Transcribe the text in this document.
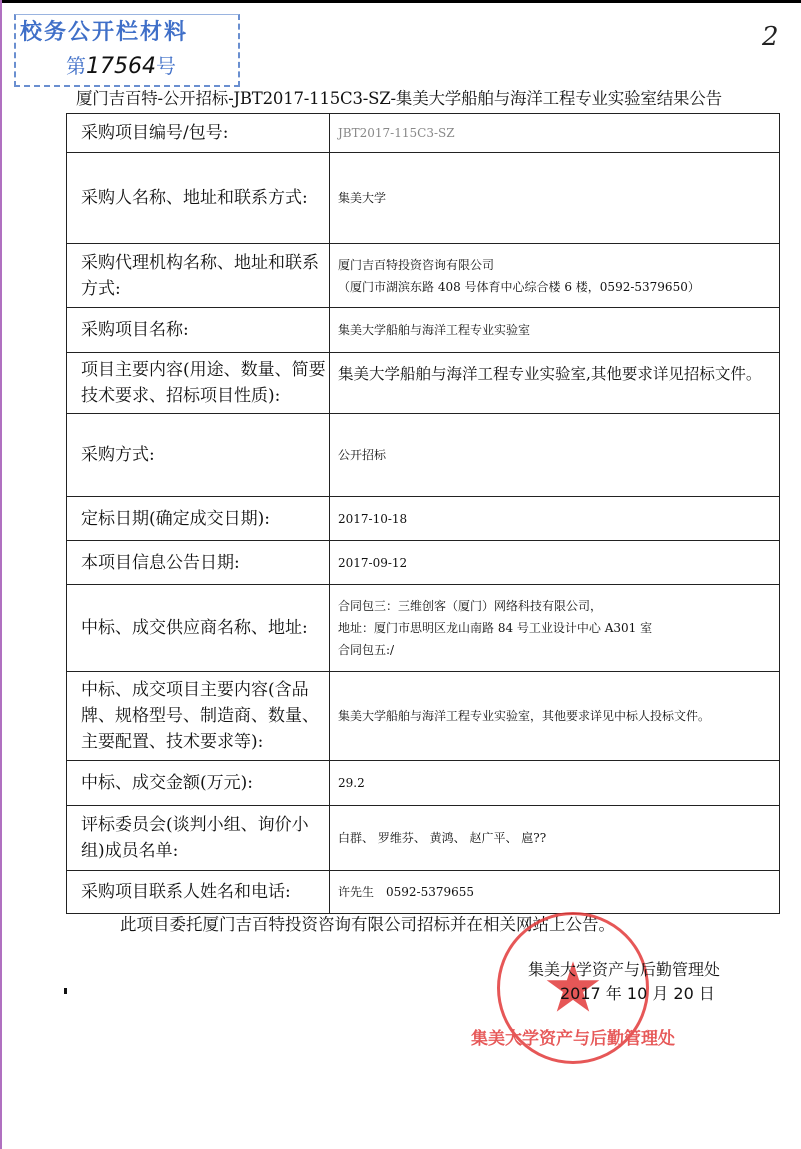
校务公开栏材料
第17564号
2
厦门吉百特-公开招标-JBT2017-115C3-SZ-集美大学船舶与海洋工程专业实验室结果公告
采购项目编号/包号:	JBT2017-115C3-SZ
采购人名称、地址和联系方式:	集美大学
采购代理机构名称、地址和联系方式:	厦门吉百特投资咨询有限公司
（厦门市湖滨东路 408 号体育中心综合楼 6 楼，0592-5379650）

采购项目名称:	集美大学船舶与海洋工程专业实验室
项目主要内容(用途、数量、简要技术要求、招标项目性质):	集美大学船舶与海洋工程专业实验室,其他要求详见招标文件。
采购方式:	公开招标
定标日期(确定成交日期):	2017-10-18
本项目信息公告日期:	2017-09-12
中标、成交供应商名称、地址:	合同包三：三维创客（厦门）网络科技有限公司，
地址：厦门市思明区龙山南路 84 号工业设计中心 A301 室
合同包五:/

中标、成交项目主要内容(含品牌、规格型号、制造商、数量、主要配置、技术要求等):	集美大学船舶与海洋工程专业实验室，其他要求详见中标人投标文件。
中标、成交金额(万元):	29.2
评标委员会(谈判小组、询价小组)成员名单:	白群、 罗维芬、 黄鸿、 赵广平、 扈??
采购项目联系人姓名和电话:	许先生　0592-5379655
此项目委托厦门吉百特投资咨询有限公司招标并在相关网站上公告。
集美大学资产与后勤管理处
集美大学资产与后勤管理处
2017 年 10 月 20 日
